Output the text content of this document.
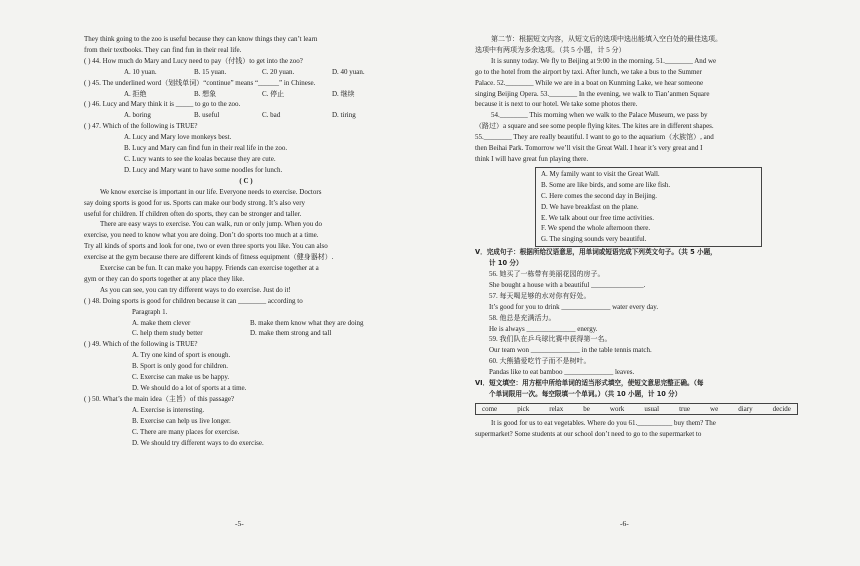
They think going to the zoo is useful because they can know things they can’t learn
from their textbooks. They can find fun in their real life.
( ) 44. How much do Mary and Lucy need to pay（付钱）to get into the zoo?
A. 10 yuan.	B. 15 yuan.	C. 20 yuan.	D. 40 yuan.
( ) 45. The underlined word（划线单词）“continue” means “______” in Chinese.
A. 拒绝	B. 想象	C. 停止	D. 继续
( ) 46. Lucy and Mary think it is _____ to go to the zoo.
A. boring	B. useful	C. bad	D. tiring
( ) 47. Which of the following is TRUE?
A. Lucy and Mary love monkeys best.
B. Lucy and Mary can find fun in their real life in the zoo.
C. Lucy wants to see the koalas because they are cute.
D. Lucy and Mary want to have some noodles for lunch.
( C )
We know exercise is important in our life. Everyone needs to exercise. Doctors
say doing sports is good for us. Sports can make our body strong. It’s also very
useful for children. If children often do sports, they can be stronger and taller.
There are easy ways to exercise. You can walk, run or only jump. When you do
exercise, you need to know what you are doing. Don’t do sports too much at a time.
Try all kinds of sports and look for one, two or even three sports you like. You can also
exercise at the gym because there are different kinds of fitness equipment（健身器材）.
Exercise can be fun. It can make you happy. Friends can exercise together at a
gym or they can do sports together at any place they like.
As you can see, you can try different ways to do exercise. Just do it!
( ) 48. Doing sports is good for children because it can ________ according to
Paragraph 1.
A. make them clever	B. make them know what they are doing
C. help them study better	D. make them strong and tall
( ) 49. Which of the following is TRUE?
A. Try one kind of sport is enough.
B. Sport is only good for children.
C. Exercise can make us be happy.
D. We should do a lot of sports at a time.
( ) 50. What’s the main idea（主旨）of this passage?
A. Exercise is interesting.
B. Exercise can help us live longer.
C. There are many places for exercise.
D. We should try different ways to do exercise.
-5-
第二节：根据短文内容，从短文后的选项中选出能填入空白处的最佳选项。
选项中有两项为多余选项。（共 5 小题，计 5 分）
It is sunny today. We fly to Beijing at 9:00 in the morning. 51.________ And we
go to the hotel from the airport by taxi. After lunch, we take a bus to the Summer
Palace. 52.________ While we are in a boat on Kunming Lake, we hear someone
singing Beijing Opera. 53.________ In the evening, we walk to Tian’anmen Square
because it is next to our hotel. We take some photos there.
54.________ This morning when we walk to the Palace Museum, we pass by
（路过）a square and see some people flying kites. The kites are in different shapes.
55.________ They are really beautiful. I want to go to the aquarium（水族馆）, and
then Beihai Park. Tomorrow we’ll visit the Great Wall. I hear it’s very great and I
think I will have great fun playing there.
A. My family want to visit the Great Wall.
B. Some are like birds, and some are like fish.
C. Here comes the second day in Beijing.
D. We have breakfast on the plane.
E. We talk about our free time activities.
F. We spend the whole afternoon there.
G. The singing sounds very beautiful.
V．完成句子：根据所给汉语意思，用单词或短语完成下列英文句子。（共 5 小题，
计 10 分）
56. 她买了一栋带有美丽花园的房子。
She bought a house with a beautiful _______________.
57. 每天喝足够的水对你有好处。
It’s good for you to drink ______________ water every day.
58. 他总是充满活力。
He is always ______________ energy.
59. 我们队在乒乓球比赛中获得第一名。
Our team won ______________ in the table tennis match.
60. 大熊猫爱吃竹子而不是树叶。
Pandas like to eat bamboo ______________ leaves.
VI．短文填空：用方框中所给单词的适当形式填空，使短文意思完整正确。（每
个单词限用一次。每空限填一个单词。）（共 10 小题，计 10 分）
come	pick	relax	be	work	usual	true	we	diary	decide
It is good for us to eat vegetables. Where do you 61.__________ buy them? The
supermarket? Some students at our school don’t need to go to the supermarket to
-6-
